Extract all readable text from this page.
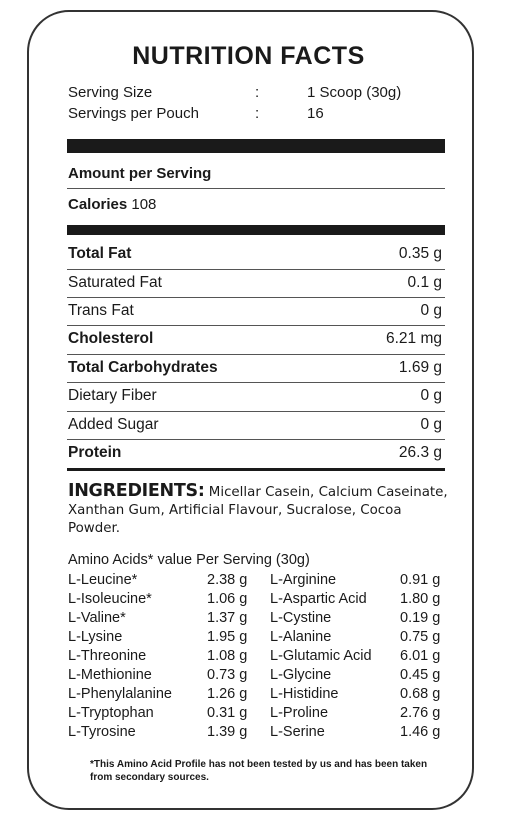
NUTRITION FACTS
Serving Size	:	1 Scoop (30g)
Servings per Pouch	:	16
Amount per Serving
Calories 108
Total Fat	0.35 g
Saturated Fat	0.1 g
Trans Fat	0 g
Cholesterol	6.21 mg
Total Carbohydrates	1.69 g
Dietary Fiber	0 g
Added Sugar	0 g
Protein	26.3 g
INGREDIENTS: Micellar Casein, Calcium Caseinate, Xanthan Gum, Artificial Flavour, Sucralose, Cocoa Powder.
Amino Acids* value Per Serving (30g)
L-Leucine*	2.38 g L-Arginine	0.91 g
L-Isoleucine*	1.06 g L-Aspartic Acid 1.80 g
L-Valine*	1.37 g L-Cystine	0.19 g
L-Lysine	1.95 g L-Alanine	0.75 g
L-Threonine	1.08 g L-Glutamic Acid 6.01 g
L-Methionine	0.73 g L-Glycine	0.45 g
L-Phenylalanine 1.26 g L-Histidine	0.68 g
L-Tryptophan	0.31 g L-Proline	2.76 g
L-Tyrosine	1.39 g L-Serine	1.46 g
*This Amino Acid Profile has not been tested by us and has been taken from secondary sources.
